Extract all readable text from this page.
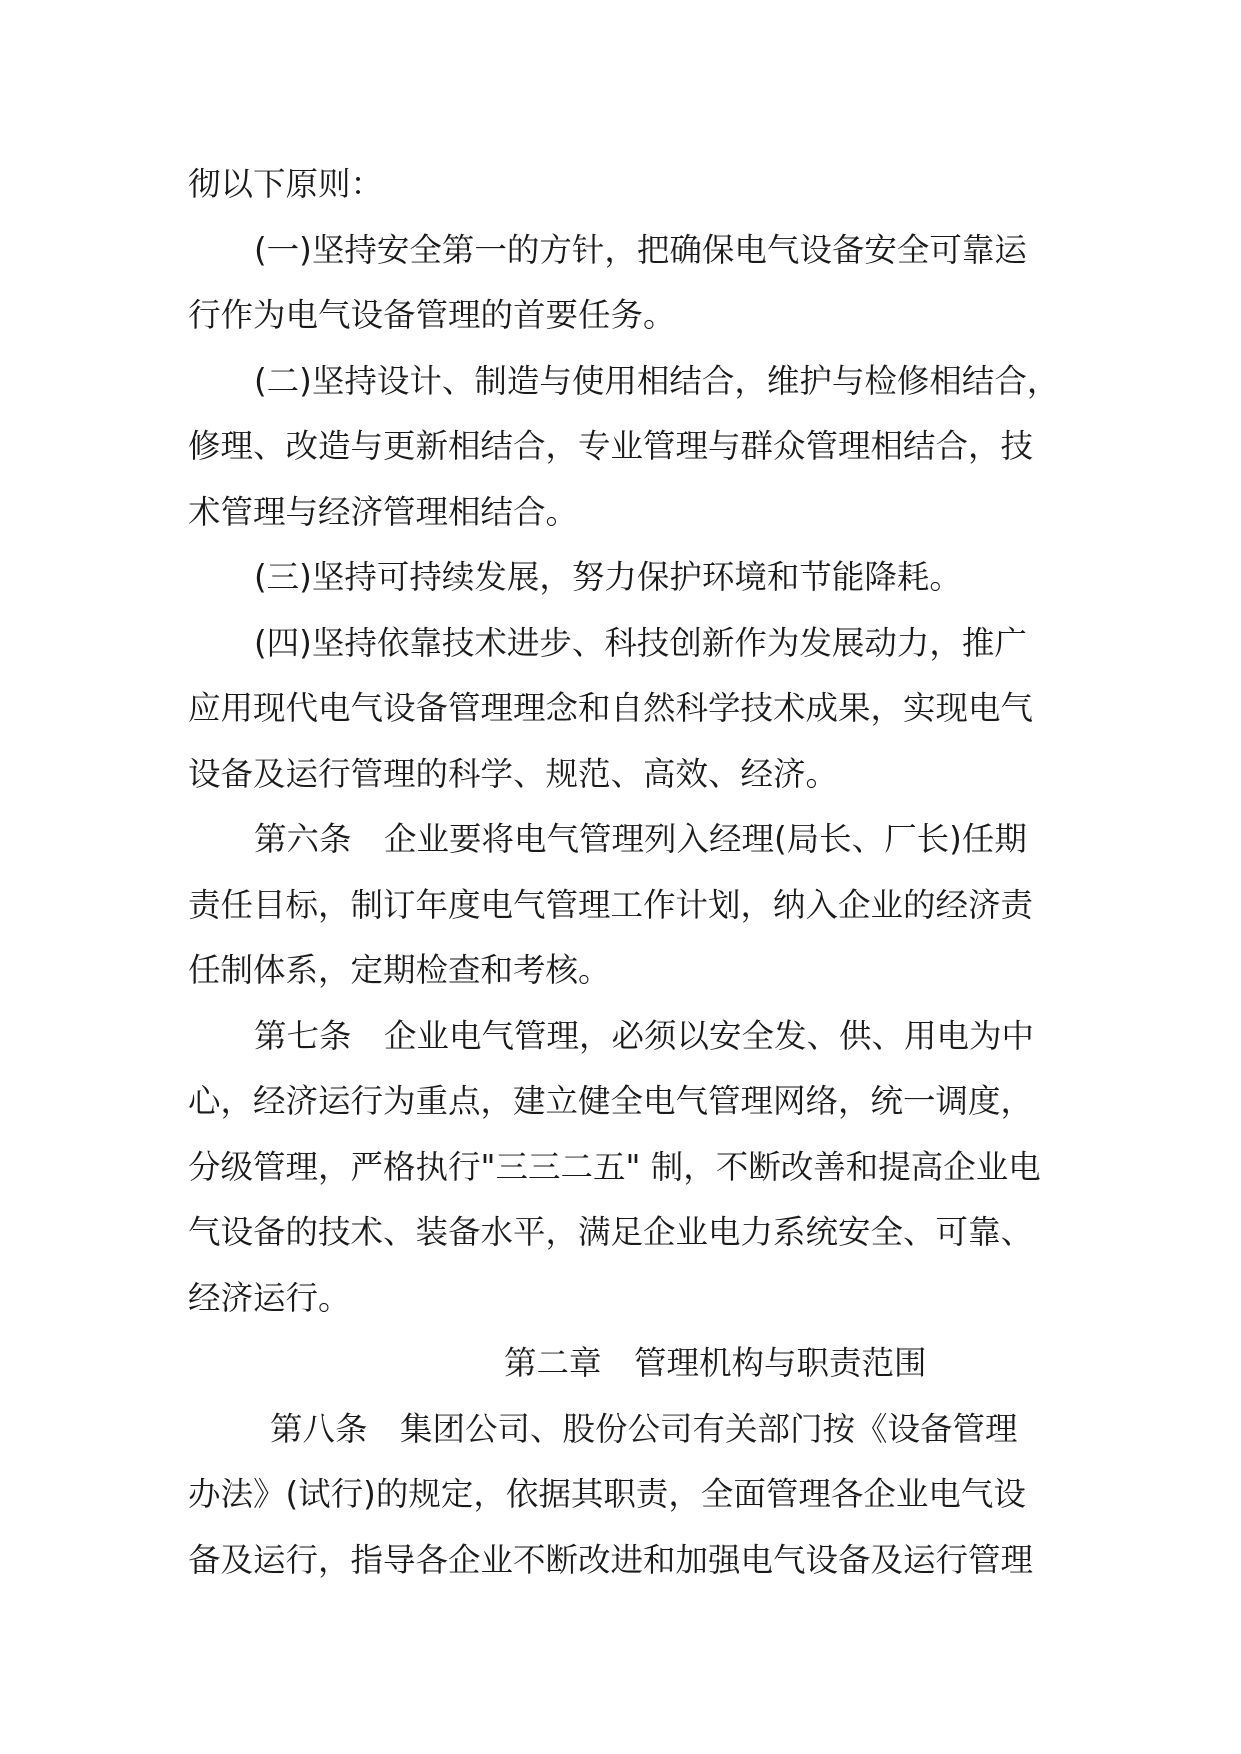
彻以下原则：
(一)坚持安全第一的方针，把确保电气设备安全可靠运
行作为电气设备管理的首要任务。
(二)坚持设计、制造与使用相结合，维护与检修相结合，
修理、改造与更新相结合，专业管理与群众管理相结合，技
术管理与经济管理相结合。
(三)坚持可持续发展，努力保护环境和节能降耗。
(四)坚持依靠技术进步、科技创新作为发展动力，推广
应用现代电气设备管理理念和自然科学技术成果，实现电气
设备及运行管理的科学、规范、高效、经济。
第六条　企业要将电气管理列入经理(局长、厂长)任期
责任目标，制订年度电气管理工作计划，纳入企业的经济责
任制体系，定期检查和考核。
第七条　企业电气管理，必须以安全发、供、用电为中
心，经济运行为重点，建立健全电气管理网络，统一调度，
分级管理，严格执行"三三二五" 制，不断改善和提高企业电
气设备的技术、装备水平，满足企业电力系统安全、可靠、
经济运行。
第二章　管理机构与职责范围
第八条　集团公司、股份公司有关部门按《设备管理
办法》(试行)的规定，依据其职责，全面管理各企业电气设
备及运行，指导各企业不断改进和加强电气设备及运行管理
